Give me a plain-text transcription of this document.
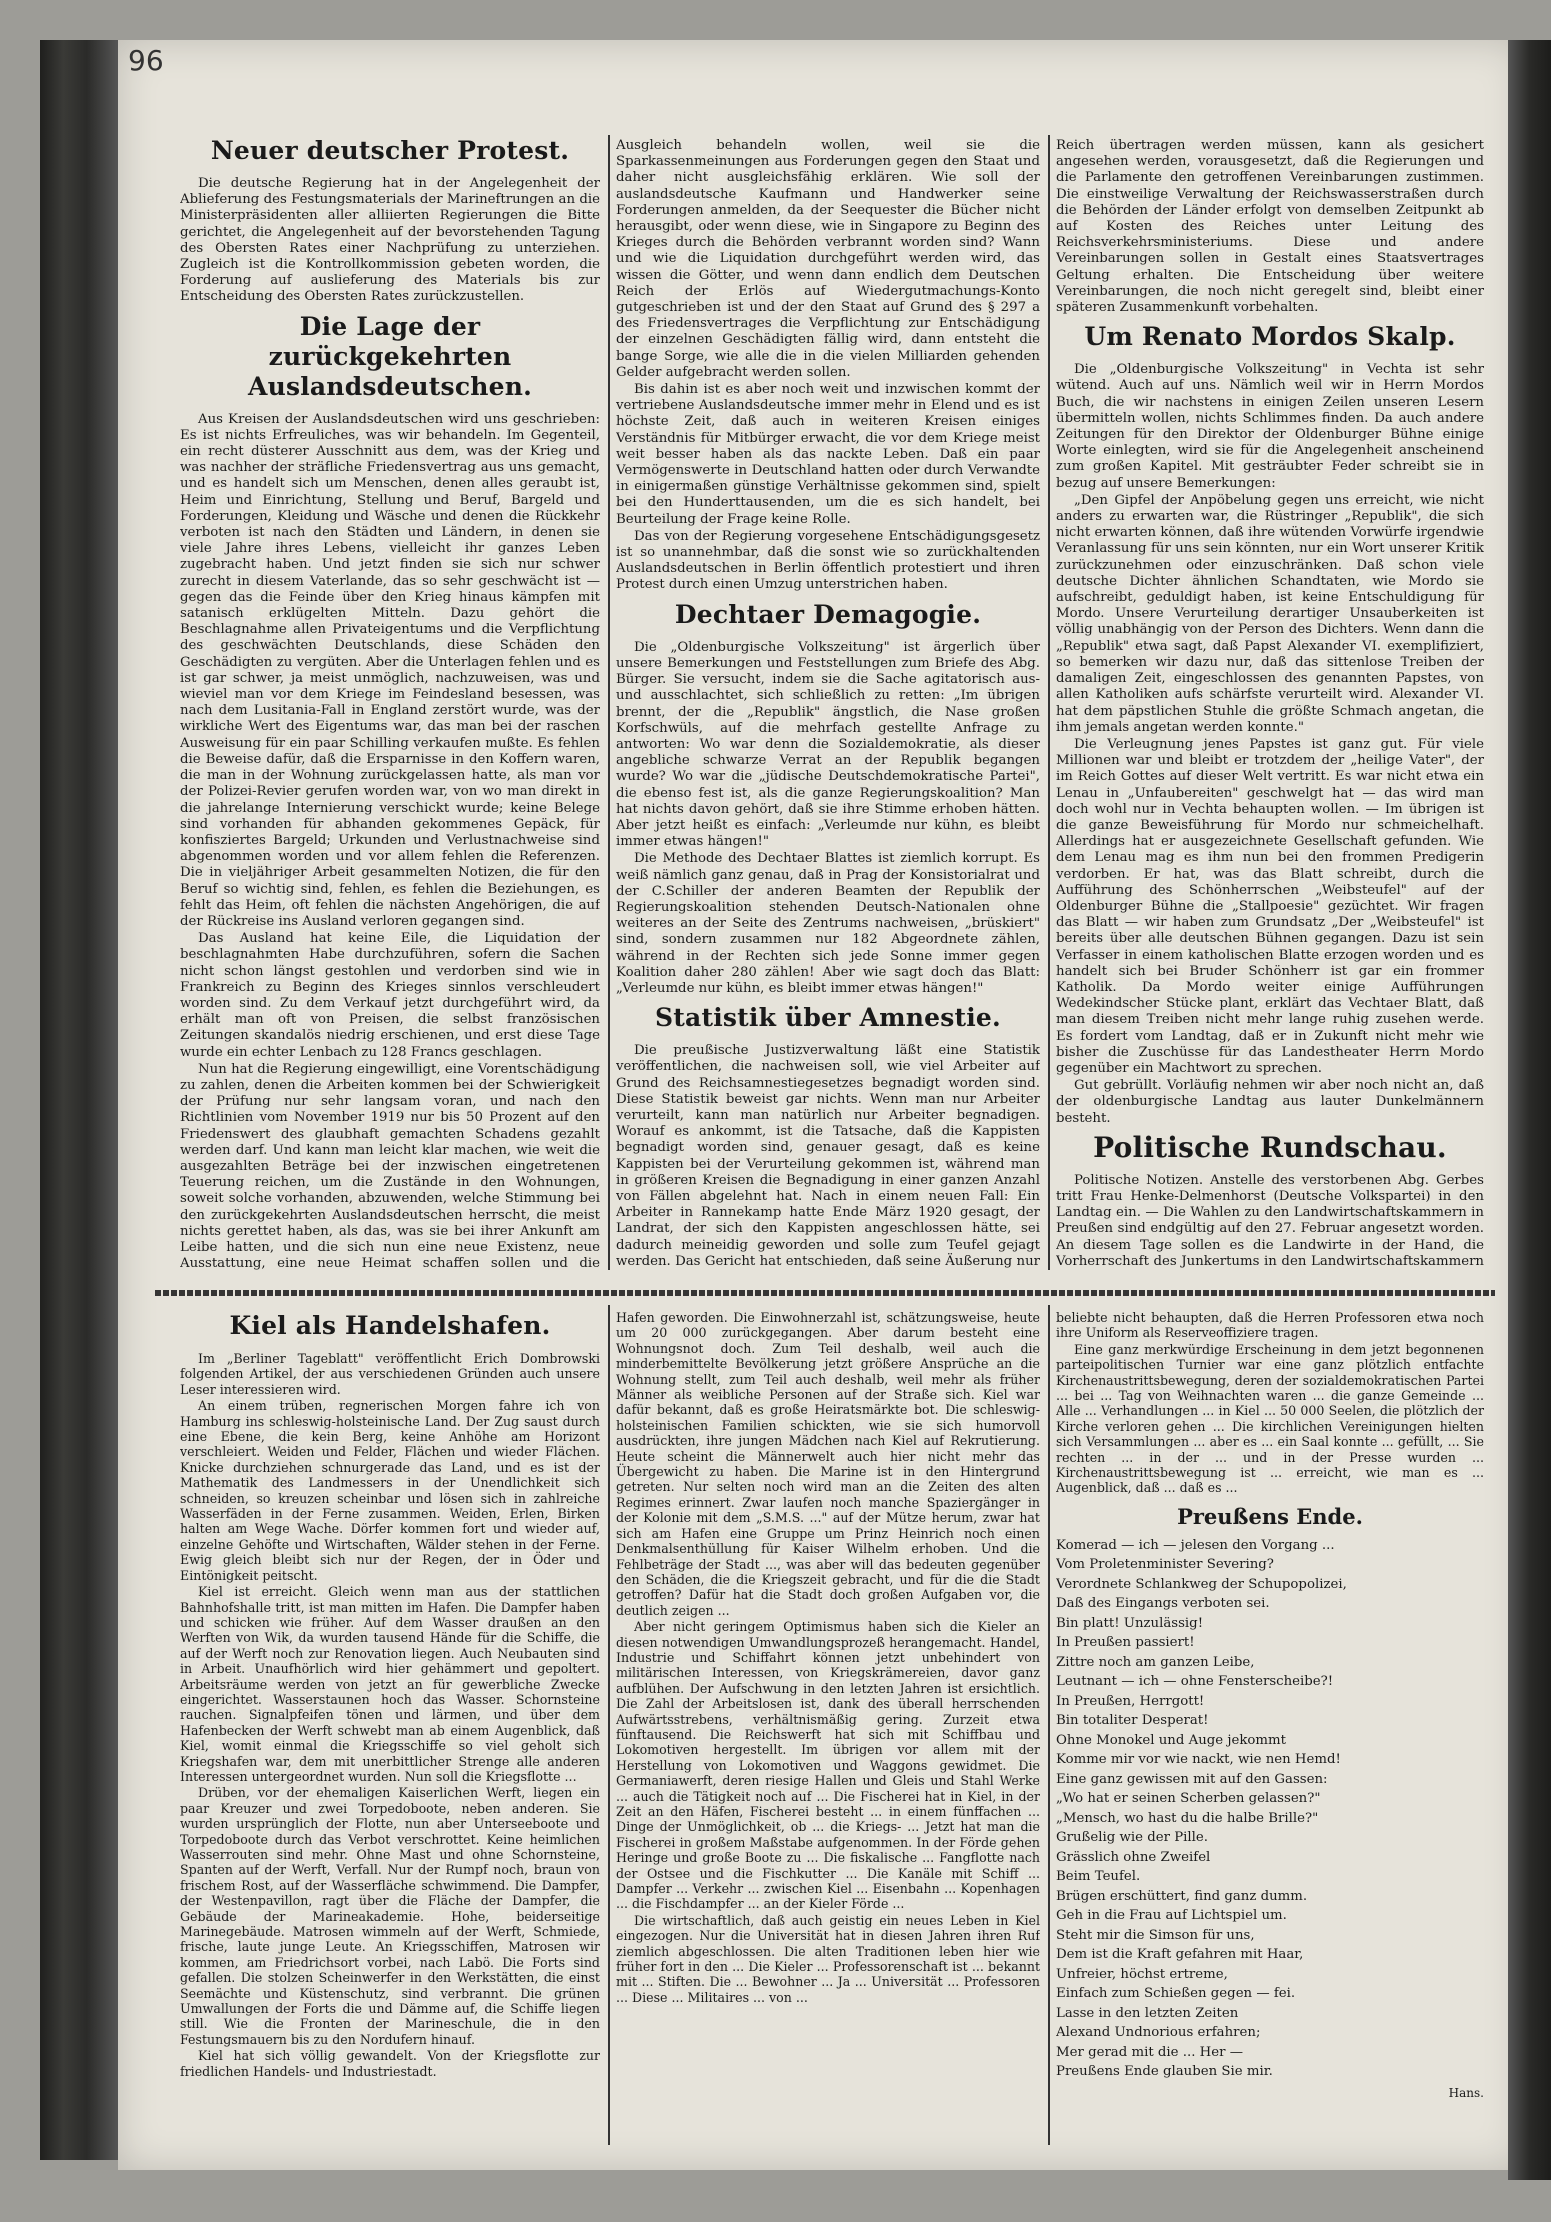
96
Neuer deutscher Protest.

Die deutsche Regierung hat in der Angelegenheit der Ablieferung des Festungsmaterials der Marineftrungen an die Ministerpräsidenten aller alliierten Regierungen die Bitte gerichtet, die Angelegenheit auf der bevorstehenden Tagung des Obersten Rates einer Nachprüfung zu unterziehen. Zugleich ist die Kontrollkommission gebeten worden, die Forderung auf auslieferung des Materials bis zur Entscheidung des Obersten Rates zurückzustellen.

Die Lage der zurückgekehrten Auslandsdeutschen.

Aus Kreisen der Auslandsdeutschen wird uns geschrieben: Es ist nichts Erfreuliches, was wir behandeln. Im Gegenteil, ein recht düsterer Ausschnitt aus dem, was der Krieg und was nachher der sträfliche Friedensvertrag aus uns gemacht, und es handelt sich um Menschen, denen alles geraubt ist, Heim und Einrichtung, Stellung und Beruf, Bargeld und Forderungen, Kleidung und Wäsche und denen die Rückkehr verboten ist nach den Städten und Ländern, in denen sie viele Jahre ihres Lebens, vielleicht ihr ganzes Leben zugebracht haben. Und jetzt finden sie sich nur schwer zurecht in diesem Vaterlande, das so sehr geschwächt ist — gegen das die Feinde über den Krieg hinaus kämpfen mit satanisch erklügelten Mitteln. Dazu gehört die Beschlagnahme allen Privateigentums und die Verpflichtung des geschwächten Deutschlands, diese Schäden den Geschädigten zu vergüten. Aber die Unterlagen fehlen und es ist gar schwer, ja meist unmöglich, nachzuweisen, was und wieviel man vor dem Kriege im Feindesland besessen, was nach dem Lusitania-Fall in England zerstört wurde, was der wirkliche Wert des Eigentums war, das man bei der raschen Ausweisung für ein paar Schilling verkaufen mußte. Es fehlen die Beweise dafür, daß die Ersparnisse in den Koffern waren, die man in der Wohnung zurückgelassen hatte, als man vor der Polizei-Revier gerufen worden war, von wo man direkt in die jahrelange Internierung verschickt wurde; keine Belege sind vorhanden für abhanden gekommenes Gepäck, für konfisziertes Bargeld; Urkunden und Verlustnachweise sind abgenommen worden und vor allem fehlen die Referenzen. Die in vieljähriger Arbeit gesammelten Notizen, die für den Beruf so wichtig sind, fehlen, es fehlen die Beziehungen, es fehlt das Heim, oft fehlen die nächsten Angehörigen, die auf der Rückreise ins Ausland verloren gegangen sind.

Das Ausland hat keine Eile, die Liquidation der beschlagnahmten Habe durchzuführen, sofern die Sachen nicht schon längst gestohlen und verdorben sind wie in Frankreich zu Beginn des Krieges sinnlos verschleudert worden sind. Zu dem Verkauf jetzt durchgeführt wird, da erhält man oft von Preisen, die selbst französischen Zeitungen skandalös niedrig erschienen, und erst diese Tage wurde ein echter Lenbach zu 128 Francs geschlagen.

Nun hat die Regierung eingewilligt, eine Vorentschädigung zu zahlen, denen die Arbeiten kommen bei der Schwierigkeit der Prüfung nur sehr langsam voran, und nach den Richtlinien vom November 1919 nur bis 50 Prozent auf den Friedenswert des glaubhaft gemachten Schadens gezahlt werden darf. Und kann man leicht klar machen, wie weit die ausgezahlten Beträge bei der inzwischen eingetretenen Teuerung reichen, um die Zustände in den Wohnungen, soweit solche vorhanden, abzuwenden, welche Stimmung bei den zurückgekehrten Auslandsdeutschen herrscht, die meist nichts gerettet haben, als das, was sie bei ihrer Ankunft am Leibe hatten, und die sich nun eine neue Existenz, neue Ausstattung, eine neue Heimat schaffen sollen und die

Ausgleich behandeln wollen, weil sie die Sparkassenmeinungen aus Forderungen gegen den Staat und daher nicht ausgleichsfähig erklären. Wie soll der auslandsdeutsche Kaufmann und Handwerker seine Forderungen anmelden, da der Seequester die Bücher nicht herausgibt, oder wenn diese, wie in Singapore zu Beginn des Krieges durch die Behörden verbrannt worden sind? Wann und wie die Liquidation durchgeführt werden wird, das wissen die Götter, und wenn dann endlich dem Deutschen Reich der Erlös auf Wiedergutmachungs-Konto gutgeschrieben ist und der den Staat auf Grund des § 297 a des Friedensvertrages die Verpflichtung zur Entschädigung der einzelnen Geschädigten fällig wird, dann entsteht die bange Sorge, wie alle die in die vielen Milliarden gehenden Gelder aufgebracht werden sollen.

Bis dahin ist es aber noch weit und inzwischen kommt der vertriebene Auslandsdeutsche immer mehr in Elend und es ist höchste Zeit, daß auch in weiteren Kreisen einiges Verständnis für Mitbürger erwacht, die vor dem Kriege meist weit besser haben als das nackte Leben. Daß ein paar Vermögenswerte in Deutschland hatten oder durch Verwandte in einigermaßen günstige Verhältnisse gekommen sind, spielt bei den Hunderttausenden, um die es sich handelt, bei Beurteilung der Frage keine Rolle.

Das von der Regierung vorgesehene Entschädigungsgesetz ist so unannehmbar, daß die sonst wie so zurückhaltenden Auslandsdeutschen in Berlin öffentlich protestiert und ihren Protest durch einen Umzug unterstrichen haben.

Dechtaer Demagogie.

Die „Oldenburgische Volkszeitung" ist ärgerlich über unsere Bemerkungen und Feststellungen zum Briefe des Abg. Bürger. Sie versucht, indem sie die Sache agitatorisch aus- und ausschlachtet, sich schließlich zu retten: „Im übrigen brennt, der die „Republik" ängstlich, die Nase großen Korfschwüls, auf die mehrfach gestellte Anfrage zu antworten: Wo war denn die Sozialdemokratie, als dieser angebliche schwarze Verrat an der Republik begangen wurde? Wo war die „jüdische Deutschdemokratische Partei", die ebenso fest ist, als die ganze Regierungskoalition? Man hat nichts davon gehört, daß sie ihre Stimme erhoben hätten. Aber jetzt heißt es einfach: „Verleumde nur kühn, es bleibt immer etwas hängen!"

Die Methode des Dechtaer Blattes ist ziemlich korrupt. Es weiß nämlich ganz genau, daß in Prag der Konsistorialrat und der C.Schiller der anderen Beamten der Republik der Regierungskoalition stehenden Deutsch-Nationalen ohne weiteres an der Seite des Zentrums nachweisen, „brüskiert" sind, sondern zusammen nur 182 Abgeordnete zählen, während in der Rechten sich jede Sonne immer gegen Koalition daher 280 zählen! Aber wie sagt doch das Blatt: „Verleumde nur kühn, es bleibt immer etwas hängen!"

Statistik über Amnestie.

Die preußische Justizverwaltung läßt eine Statistik veröffentlichen, die nachweisen soll, wie viel Arbeiter auf Grund des Reichsamnestiegesetzes begnadigt worden sind. Diese Statistik beweist gar nichts. Wenn man nur Arbeiter verurteilt, kann man natürlich nur Arbeiter begnadigen. Worauf es ankommt, ist die Tatsache, daß die Kappisten begnadigt worden sind, genauer gesagt, daß es keine Kappisten bei der Verurteilung gekommen ist, während man in größeren Kreisen die Begnadigung in einer ganzen Anzahl von Fällen abgelehnt hat. Nach in einem neuen Fall: Ein Arbeiter in Rannekamp hatte Ende März 1920 gesagt, der Landrat, der sich den Kappisten angeschlossen hätte, sei dadurch meineidig geworden und solle zum Teufel gejagt werden. Das Gericht hat entschieden, daß seine Äußerung nur

Reich übertragen werden müssen, kann als gesichert angesehen werden, vorausgesetzt, daß die Regierungen und die Parlamente den getroffenen Vereinbarungen zustimmen. Die einstweilige Verwaltung der Reichswasserstraßen durch die Behörden der Länder erfolgt von demselben Zeitpunkt ab auf Kosten des Reiches unter Leitung des Reichsverkehrsministeriums. Diese und andere Vereinbarungen sollen in Gestalt eines Staatsvertrages Geltung erhalten. Die Entscheidung über weitere Vereinbarungen, die noch nicht geregelt sind, bleibt einer späteren Zusammenkunft vorbehalten.

Um Renato Mordos Skalp.

Die „Oldenburgische Volkszeitung" in Vechta ist sehr wütend. Auch auf uns. Nämlich weil wir in Herrn Mordos Buch, die wir nachstens in einigen Zeilen unseren Lesern übermitteln wollen, nichts Schlimmes finden. Da auch andere Zeitungen für den Direktor der Oldenburger Bühne einige Worte einlegten, wird sie für die Angelegenheit anscheinend zum großen Kapitel. Mit gesträubter Feder schreibt sie in bezug auf unsere Bemerkungen:

„Den Gipfel der Anpöbelung gegen uns erreicht, wie nicht anders zu erwarten war, die Rüstringer „Republik", die sich nicht erwarten können, daß ihre wütenden Vorwürfe irgendwie Veranlassung für uns sein könnten, nur ein Wort unserer Kritik zurückzunehmen oder einzuschränken. Daß schon viele deutsche Dichter ähnlichen Schandtaten, wie Mordo sie aufschreibt, geduldigt haben, ist keine Entschuldigung für Mordo. Unsere Verurteilung derartiger Unsauberkeiten ist völlig unabhängig von der Person des Dichters. Wenn dann die „Republik" etwa sagt, daß Papst Alexander VI. exemplifiziert, so bemerken wir dazu nur, daß das sittenlose Treiben der damaligen Zeit, eingeschlossen des genannten Papstes, von allen Katholiken aufs schärfste verurteilt wird. Alexander VI. hat dem päpstlichen Stuhle die größte Schmach angetan, die ihm jemals angetan werden konnte."

Die Verleugnung jenes Papstes ist ganz gut. Für viele Millionen war und bleibt er trotzdem der „heilige Vater", der im Reich Gottes auf dieser Welt vertritt. Es war nicht etwa ein Lenau in „Unfaubereiten" geschwelgt hat — das wird man doch wohl nur in Vechta behaupten wollen. — Im übrigen ist die ganze Beweisführung für Mordo nur schmeichelhaft. Allerdings hat er ausgezeichnete Gesellschaft gefunden. Wie dem Lenau mag es ihm nun bei den frommen Predigerin verdorben. Er hat, was das Blatt schreibt, durch die Aufführung des Schönherrschen „Weibsteufel" auf der Oldenburger Bühne die „Stallpoesie" gezüchtet. Wir fragen das Blatt — wir haben zum Grundsatz „Der „Weibsteufel" ist bereits über alle deutschen Bühnen gegangen. Dazu ist sein Verfasser in einem katholischen Blatte erzogen worden und es handelt sich bei Bruder Schönherr ist gar ein frommer Katholik. Da Mordo weiter einige Aufführungen Wedekindscher Stücke plant, erklärt das Vechtaer Blatt, daß man diesem Treiben nicht mehr lange ruhig zusehen werde. Es fordert vom Landtag, daß er in Zukunft nicht mehr wie bisher die Zuschüsse für das Landestheater Herrn Mordo gegenüber ein Machtwort zu sprechen.

Gut gebrüllt. Vorläufig nehmen wir aber noch nicht an, daß der oldenburgische Landtag aus lauter Dunkelmännern besteht.

Politische Rundschau.

Politische Notizen. Anstelle des verstorbenen Abg. Gerbes tritt Frau Henke-Delmenhorst (Deutsche Volkspartei) in den Landtag ein. — Die Wahlen zu den Landwirtschaftskammern in Preußen sind endgültig auf den 27. Februar angesetzt worden. An diesem Tage sollen es die Landwirte in der Hand, die Vorherrschaft des Junkertums in den Landwirtschaftskammern

Kiel als Handelshafen.

Im „Berliner Tageblatt" veröffentlicht Erich Dombrowski folgenden Artikel, der aus verschiedenen Gründen auch unsere Leser interessieren wird.

An einem trüben, regnerischen Morgen fahre ich von Hamburg ins schleswig-holsteinische Land. Der Zug saust durch eine Ebene, die kein Berg, keine Anhöhe am Horizont verschleiert. Weiden und Felder, Flächen und wieder Flächen. Knicke durchziehen schnurgerade das Land, und es ist der Mathematik des Landmessers in der Unendlichkeit sich schneiden, so kreuzen scheinbar und lösen sich in zahlreiche Wasserfäden in der Ferne zusammen. Weiden, Erlen, Birken halten am Wege Wache. Dörfer kommen fort und wieder auf, einzelne Gehöfte und Wirtschaften, Wälder stehen in der Ferne. Ewig gleich bleibt sich nur der Regen, der in Öder und Eintönigkeit peitscht.

Kiel ist erreicht. Gleich wenn man aus der stattlichen Bahnhofshalle tritt, ist man mitten im Hafen. Die Dampfer haben und schicken wie früher. Auf dem Wasser draußen an den Werften von Wik, da wurden tausend Hände für die Schiffe, die auf der Werft noch zur Renovation liegen. Auch Neubauten sind in Arbeit. Unaufhörlich wird hier gehämmert und gepoltert. Arbeitsräume werden von jetzt an für gewerbliche Zwecke eingerichtet. Wasserstaunen hoch das Wasser. Schornsteine rauchen. Signalpfeifen tönen und lärmen, und über dem Hafenbecken der Werft schwebt man ab einem Augenblick, daß Kiel, womit einmal die Kriegsschiffe so viel geholt sich Kriegshafen war, dem mit unerbittlicher Strenge alle anderen Interessen untergeordnet wurden. Nun soll die Kriegsflotte ...

Drüben, vor der ehemaligen Kaiserlichen Werft, liegen ein paar Kreuzer und zwei Torpedoboote, neben anderen. Sie wurden ursprünglich der Flotte, nun aber Unterseeboote und Torpedoboote durch das Verbot verschrottet. Keine heimlichen Wasserrouten sind mehr. Ohne Mast und ohne Schornsteine, Spanten auf der Werft, Verfall. Nur der Rumpf noch, braun von frischem Rost, auf der Wasserfläche schwimmend. Die Dampfer, der Westenpavillon, ragt über die Fläche der Dampfer, die Gebäude der Marineakademie. Hohe, beiderseitige Marinegebäude. Matrosen wimmeln auf der Werft, Schmiede, frische, laute junge Leute. An Kriegsschiffen, Matrosen wir kommen, am Friedrichsort vorbei, nach Labö. Die Forts sind gefallen. Die stolzen Scheinwerfer in den Werkstätten, die einst Seemächte und Küstenschutz, sind verbrannt. Die grünen Umwallungen der Forts die und Dämme auf, die Schiffe liegen still. Wie die Fronten der Marineschule, die in den Festungsmauern bis zu den Nordufern hinauf.

Kiel hat sich völlig gewandelt. Von der Kriegsflotte zur friedlichen Handels- und Industriestadt.

Hafen geworden. Die Einwohnerzahl ist, schätzungsweise, heute um 20 000 zurückgegangen. Aber darum besteht eine Wohnungsnot doch. Zum Teil deshalb, weil auch die minderbemittelte Bevölkerung jetzt größere Ansprüche an die Wohnung stellt, zum Teil auch deshalb, weil mehr als früher Männer als weibliche Personen auf der Straße sich. Kiel war dafür bekannt, daß es große Heiratsmärkte bot. Die schleswig-holsteinischen Familien schickten, wie sie sich humorvoll ausdrückten, ihre jungen Mädchen nach Kiel auf Rekrutierung. Heute scheint die Männerwelt auch hier nicht mehr das Übergewicht zu haben. Die Marine ist in den Hintergrund getreten. Nur selten noch wird man an die Zeiten des alten Regimes erinnert. Zwar laufen noch manche Spaziergänger in der Kolonie mit dem „S.M.S. ..." auf der Mütze herum, zwar hat sich am Hafen eine Gruppe um Prinz Heinrich noch einen Denkmalsenthüllung für Kaiser Wilhelm erhoben. Und die Fehlbeträge der Stadt ..., was aber will das bedeuten gegenüber den Schäden, die die Kriegszeit gebracht, und für die die Stadt getroffen? Dafür hat die Stadt doch großen Aufgaben vor, die deutlich zeigen ...

Aber nicht geringem Optimismus haben sich die Kieler an diesen notwendigen Umwandlungsprozeß herangemacht. Handel, Industrie und Schiffahrt können jetzt unbehindert von militärischen Interessen, von Kriegskrämereien, davor ganz aufblühen. Der Aufschwung in den letzten Jahren ist ersichtlich. Die Zahl der Arbeitslosen ist, dank des überall herrschenden Aufwärtsstrebens, verhältnismäßig gering. Zurzeit etwa fünftausend. Die Reichswerft hat sich mit Schiffbau und Lokomotiven hergestellt. Im übrigen vor allem mit der Herstellung von Lokomotiven und Waggons gewidmet. Die Germaniawerft, deren riesige Hallen und Gleis und Stahl Werke ... auch die Tätigkeit noch auf ... Die Fischerei hat in Kiel, in der Zeit an den Häfen, Fischerei besteht ... in einem fünffachen ... Dinge der Unmöglichkeit, ob ... die Kriegs- ... Jetzt hat man die Fischerei in großem Maßstabe aufgenommen. In der Förde gehen Heringe und große Boote zu ... Die fiskalische ... Fangflotte nach der Ostsee und die Fischkutter ... Die Kanäle mit Schiff ... Dampfer ... Verkehr ... zwischen Kiel ... Eisenbahn ... Kopenhagen ... die Fischdampfer ... an der Kieler Förde ...

Die wirtschaftlich, daß auch geistig ein neues Leben in Kiel eingezogen. Nur die Universität hat in diesen Jahren ihren Ruf ziemlich abgeschlossen. Die alten Traditionen leben hier wie früher fort in den ... Die Kieler ... Professorenschaft ist ... bekannt mit ... Stiften. Die ... Bewohner ... Ja ... Universität ... Professoren ... Diese ... Militaires ... von ...

beliebte nicht behaupten, daß die Herren Professoren etwa noch ihre Uniform als Reserveoffiziere tragen.

Eine ganz merkwürdige Erscheinung in dem jetzt begonnenen parteipolitischen Turnier war eine ganz plötzlich entfachte Kirchenaustrittsbewegung, deren der sozialdemokratischen Partei ... bei ... Tag von Weihnachten waren ... die ganze Gemeinde ... Alle ... Verhandlungen ... in Kiel ... 50 000 Seelen, die plötzlich der Kirche verloren gehen ... Die kirchlichen Vereinigungen hielten sich Versammlungen ... aber es ... ein Saal konnte ... gefüllt, ... Sie rechten ... in der ... und in der Presse wurden ... Kirchenaustrittsbewegung ist ... erreicht, wie man es ... Augenblick, daß ... daß es ...

Preußens Ende.
Komerad — ich — jelesen den Vorgang ...
Vom Proletenminister Severing?
Verordnete Schlankweg der Schupopolizei,
Daß des Eingangs verboten sei.
Bin platt! Unzulässig!
In Preußen passiert!
Zittre noch am ganzen Leibe,
Leutnant — ich — ohne Fensterscheibe?!
In Preußen, Herrgott!
Bin totaliter Desperat!
Ohne Monokel und Auge jekommt
Komme mir vor wie nackt, wie nen Hemd!
Eine ganz gewissen mit auf den Gassen:
„Wo hat er seinen Scherben gelassen?"
„Mensch, wo hast du die halbe Brille?"
Grußelig wie der Pille.
Grässlich ohne Zweifel
Beim Teufel.
Brügen erschüttert, find ganz dumm.
Geh in die Frau auf Lichtspiel um.
Steht mir die Simson für uns,
Dem ist die Kraft gefahren mit Haar,
Unfreier, höchst ertreme,
Einfach zum Schießen gegen — fei.
Lasse in den letzten Zeiten
Alexand Undnorious erfahren;
Mer gerad mit die ... Her —
Preußens Ende glauben Sie mir.
Hans.
